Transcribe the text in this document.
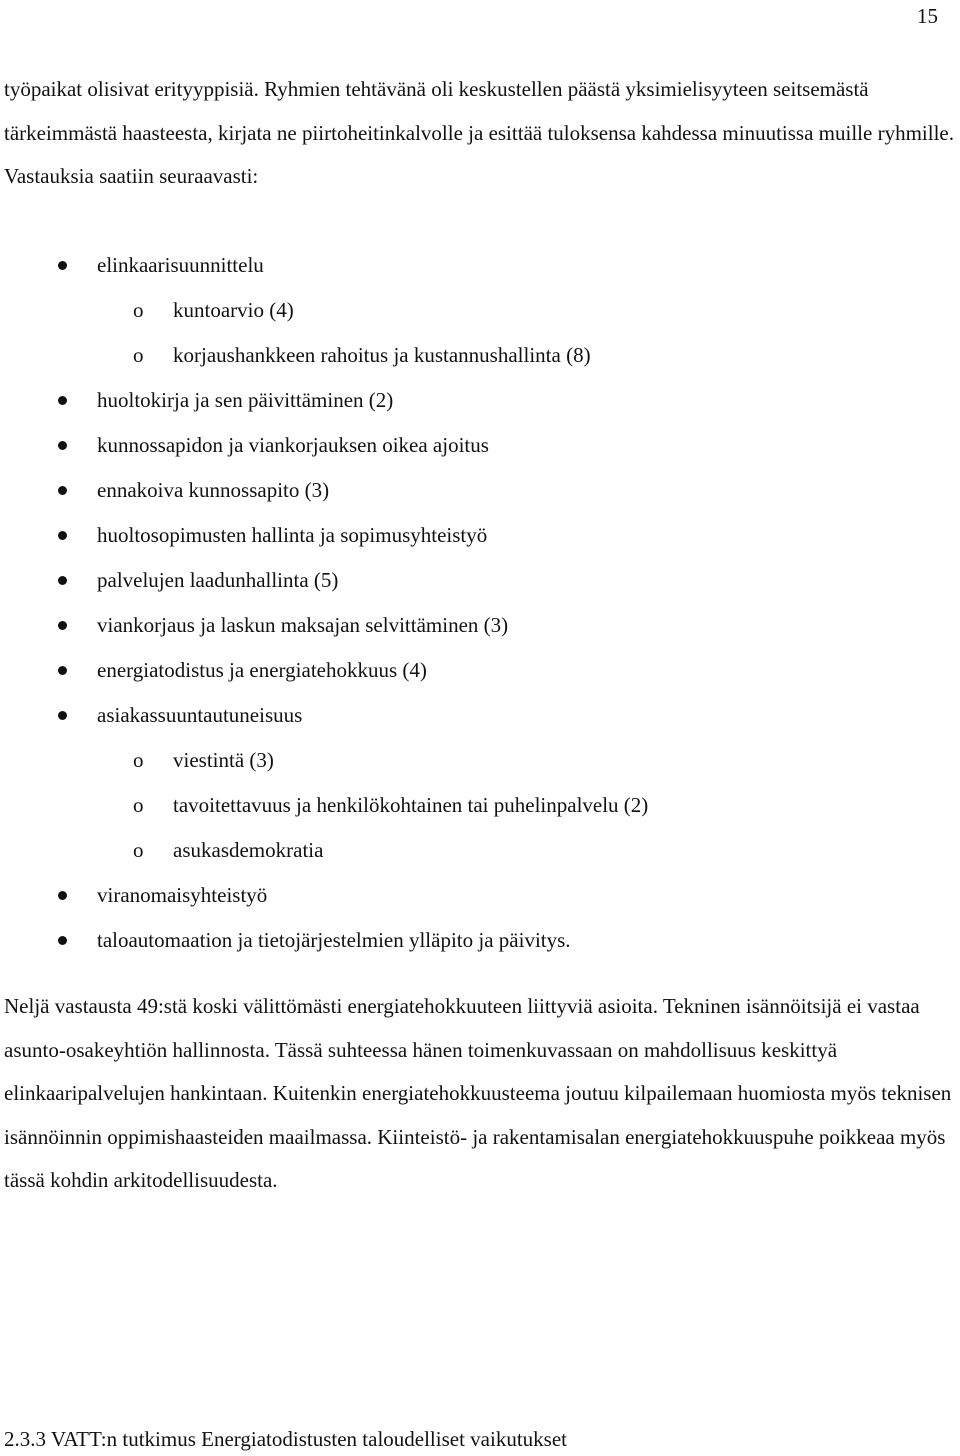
15

työpaikat olisivat erityyppisiä. Ryhmien tehtävänä oli keskustellen päästä yksimielisyyteen seitsemästä tärkeimmästä haasteesta, kirjata ne piirtoheitinkalvolle ja esittää tuloksensa kahdessa minuutissa muille ryhmille. Vastauksia saatiin seuraavasti:

elinkaarisuunnittelu
o kuntoarvio (4)
o korjaushankkeen rahoitus ja kustannushallinta (8)
huoltokirja ja sen päivittäminen (2)
kunnossapidon ja viankorjauksen oikea ajoitus
ennakoiva kunnossapito (3)
huoltosopimusten hallinta ja sopimusyhteistyö
palvelujen laadunhallinta (5)
viankorjaus ja laskun maksajan selvittäminen (3)
energiatodistus ja energiatehokkuus (4)
asiakassuuntautuneisuus
o viestintä (3)
o tavoitettavuus ja henkilökohtainen tai puhelinpalvelu (2)
o asukasdemokratia
viranomaisyhteistyö
taloautomaation ja tietojärjestelmien ylläpito ja päivitys.

Neljä vastausta 49:stä koski välittömästi energiatehokkuuteen liittyviä asioita. Tekninen isännöitsijä ei vastaa asunto-osakeyhtiön hallinnosta. Tässä suhteessa hänen toimenkuvassaan on mahdollisuus keskittyä elinkaaripalvelujen hankintaan. Kuitenkin energiatehokkuusteema joutuu kilpailemaan huomiosta myös teknisen isännöinnin oppimishaasteiden maailmassa. Kiinteistö- ja rakentamisalan energiatehokkuuspuhe poikkeaa myös tässä kohdin arkitodellisuudesta.

2.3.3 VATT:n tutkimus Energiatodistusten taloudelliset vaikutukset
